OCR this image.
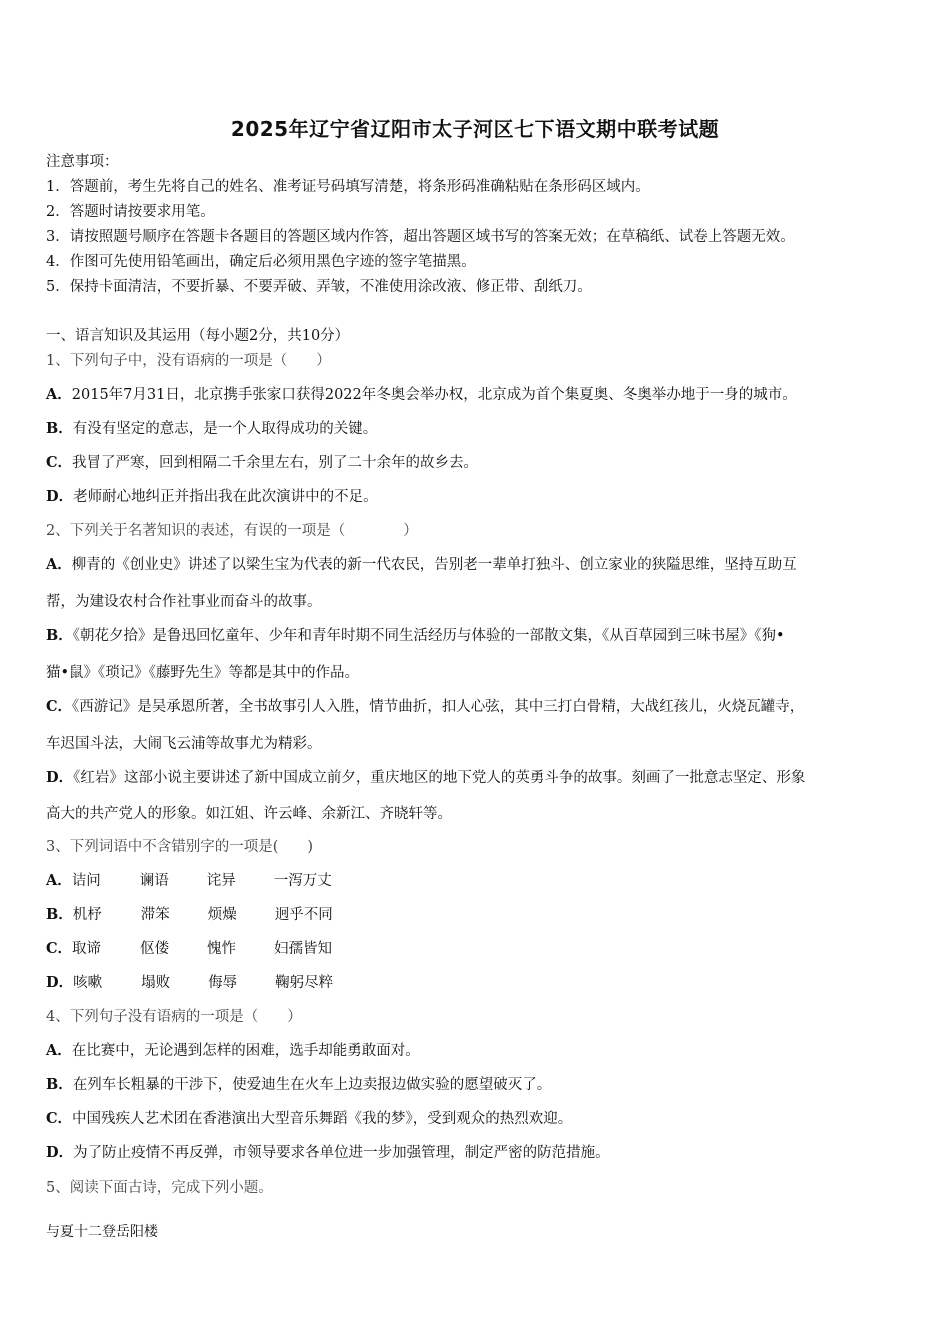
2025年辽宁省辽阳市太子河区七下语文期中联考试题
注意事项：
1．答题前，考生先将自己的姓名、准考证号码填写清楚，将条形码准确粘贴在条形码区域内。
2．答题时请按要求用笔。
3．请按照题号顺序在答题卡各题目的答题区域内作答，超出答题区域书写的答案无效；在草稿纸、试卷上答题无效。
4．作图可先使用铅笔画出，确定后必须用黑色字迹的签字笔描黑。
5．保持卡面清洁，不要折暴、不要弄破、弄皱，不准使用涂改液、修正带、刮纸刀。
一、语言知识及其运用（每小题2分，共10分）
1、下列句子中，没有语病的一项是（　　）
A．2015年7月31日，北京携手张家口获得2022年冬奥会举办权，北京成为首个集夏奥、冬奥举办地于一身的城市。
B．有没有坚定的意志，是一个人取得成功的关键。
C．我冒了严寒，回到相隔二千余里左右，别了二十余年的故乡去。
D．老师耐心地纠正并指出我在此次演讲中的不足。
2、下列关于名著知识的表述，有误的一项是（　　　　）
A．柳青的《创业史》讲述了以梁生宝为代表的新一代农民，告别老一辈单打独斗、创立家业的狭隘思维，坚持互助互
帮，为建设农村合作社事业而奋斗的故事。
B．《朝花夕拾》是鲁迅回忆童年、少年和青年时期不同生活经历与体验的一部散文集，《从百草园到三味书屋》《狗•
猫•鼠》《琐记》《藤野先生》等都是其中的作品。
C．《西游记》是吴承恩所著，全书故事引人入胜，情节曲折，扣人心弦，其中三打白骨精，大战红孩儿，火烧瓦罐寺，
车迟国斗法，大闹飞云浦等故事尤为精彩。
D．《红岩》这部小说主要讲述了新中国成立前夕，重庆地区的地下党人的英勇斗争的故事。刻画了一批意志坚定、形象
高大的共产党人的形象。如江姐、许云峰、余新江、齐晓轩等。
3、下列词语中不含错别字的一项是(　　)
A．诘问	谰语	诧异	一泻万丈
B．机杼	滞笨	烦燥	迥乎不同
C．取谛	伛偻	愧怍	妇孺皆知
D．咳嗽	塌败	侮辱	鞠躬尽粹
4、下列句子没有语病的一项是（　　）
A．在比赛中，无论遇到怎样的困难，选手却能勇敢面对。
B．在列车长粗暴的干涉下，使爱迪生在火车上边卖报边做实验的愿望破灭了。
C．中国残疾人艺术团在香港演出大型音乐舞蹈《我的梦》，受到观众的热烈欢迎。
D．为了防止疫情不再反弹，市领导要求各单位进一步加强管理，制定严密的防范措施。
5、阅读下面古诗，完成下列小题。
与夏十二登岳阳楼
